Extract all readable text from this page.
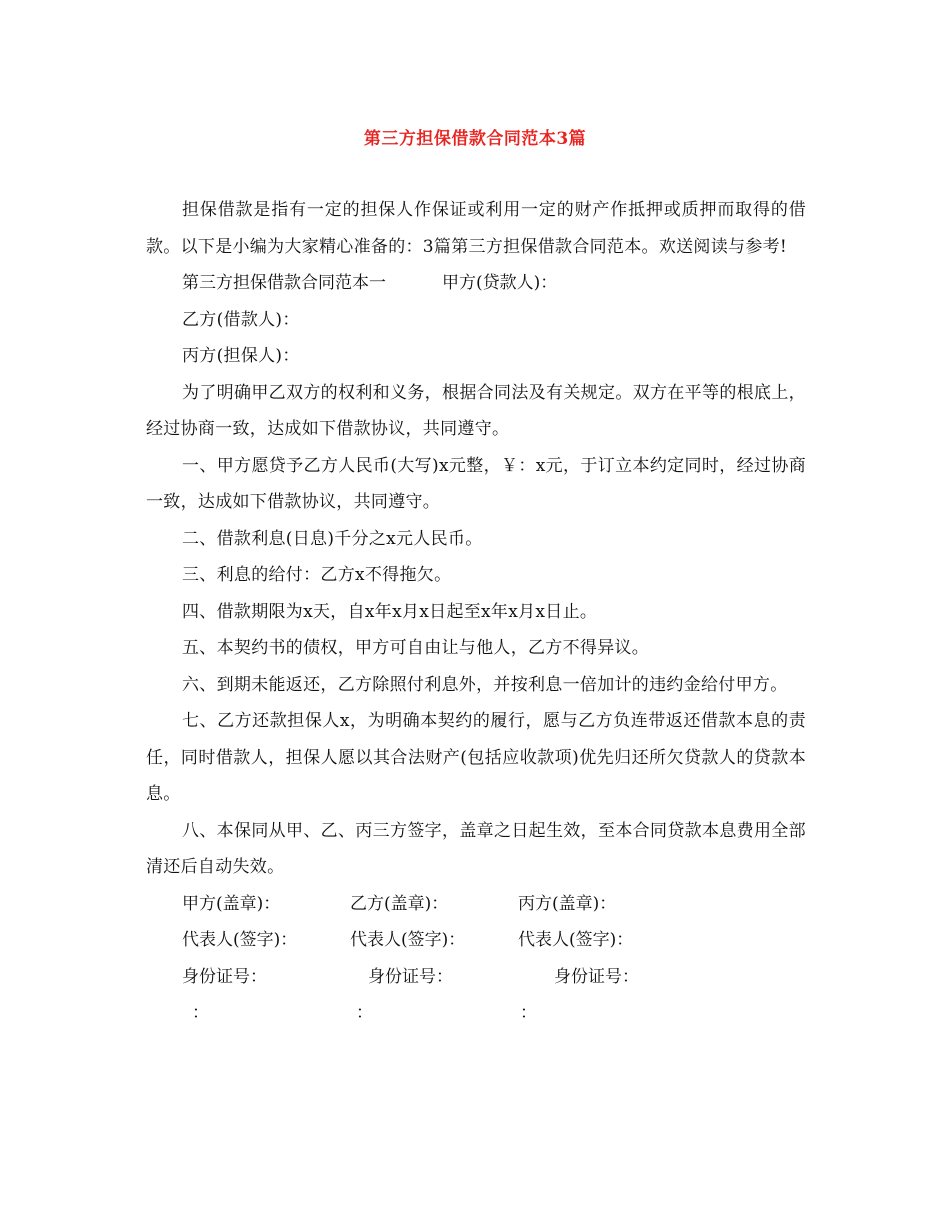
第三方担保借款合同范本3篇

担保借款是指有一定的担保人作保证或利用一定的财产作抵押或质押而取得的借款。以下是小编为大家精心准备的：3篇第三方担保借款合同范本。欢送阅读与参考!

第三方担保借款合同范本一	甲方(贷款人)：

乙方(借款人)：

丙方(担保人)：

为了明确甲乙双方的权利和义务，根据合同法及有关规定。双方在平等的根底上，经过协商一致，达成如下借款协议，共同遵守。

一、甲方愿贷予乙方人民币(大写)x元整，￥：x元，于订立本约定同时，经过协商一致，达成如下借款协议，共同遵守。

二、借款利息(日息)千分之x元人民币。

三、利息的给付：乙方x不得拖欠。

四、借款期限为x天，自x年x月x日起至x年x月x日止。

五、本契约书的债权，甲方可自由让与他人，乙方不得异议。

六、到期未能返还，乙方除照付利息外，并按利息一倍加计的违约金给付甲方。

七、乙方还款担保人x，为明确本契约的履行，愿与乙方负连带返还借款本息的责任，同时借款人，担保人愿以其合法财产(包括应收款项)优先归还所欠贷款人的贷款本息。

八、本保同从甲、乙、丙三方签字，盖章之日起生效，至本合同贷款本息费用全部清还后自动失效。

甲方(盖章)：	乙方(盖章)：	丙方(盖章)：
代表人(签字)：	代表人(签字)：	代表人(签字)：
身份证号：	身份证号：	身份证号：
：	：	：
